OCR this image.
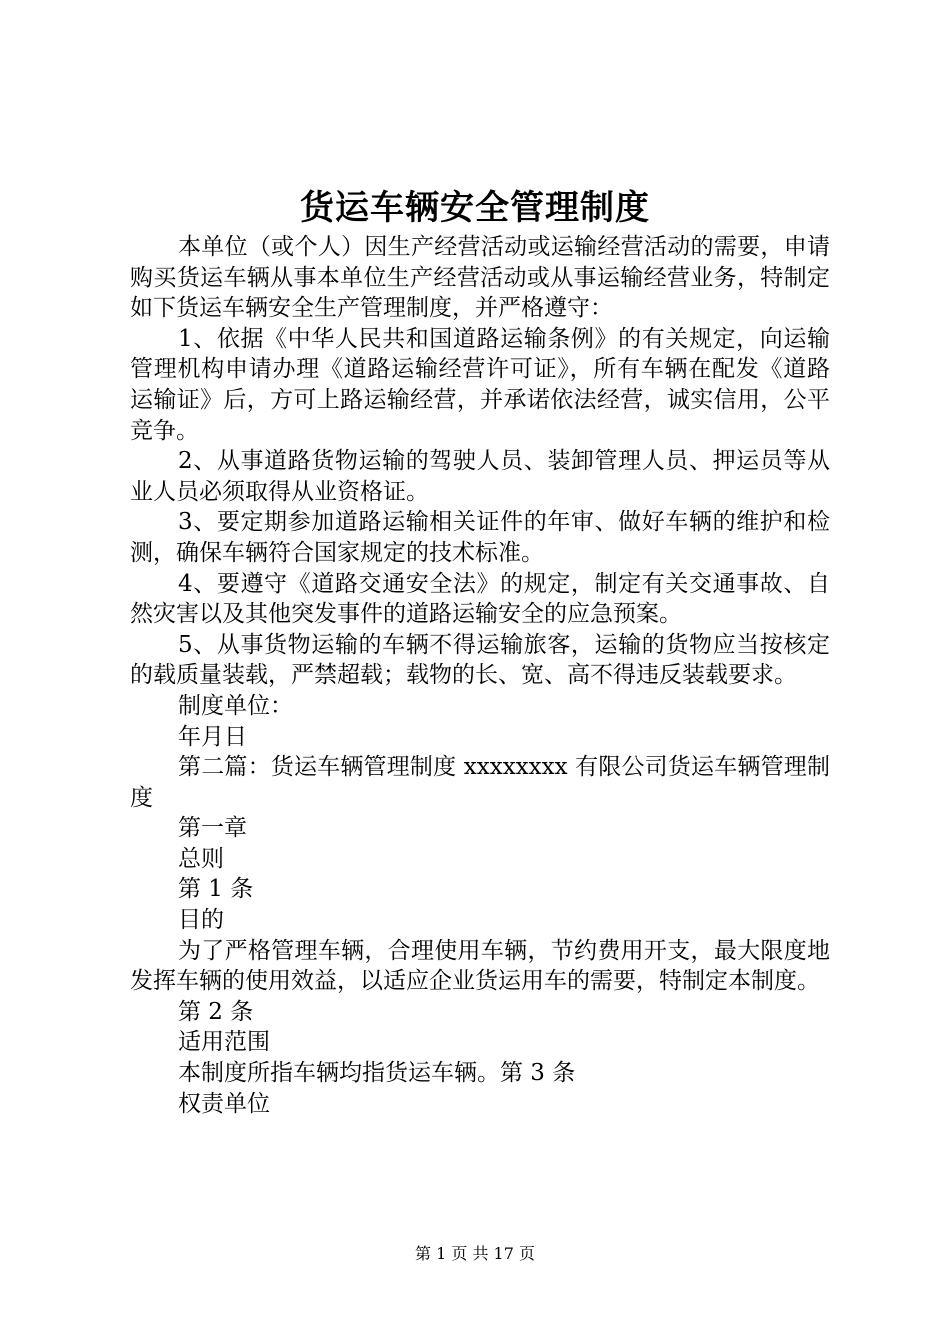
货运车辆安全管理制度

本单位（或个人）因生产经营活动或运输经营活动的需要，申请购买货运车辆从事本单位生产经营活动或从事运输经营业务，特制定如下货运车辆安全生产管理制度，并严格遵守：

1、依据《中华人民共和国道路运输条例》的有关规定，向运输管理机构申请办理《道路运输经营许可证》，所有车辆在配发《道路运输证》后，方可上路运输经营，并承诺依法经营，诚实信用，公平竞争。

2、从事道路货物运输的驾驶人员、装卸管理人员、押运员等从业人员必须取得从业资格证。

3、要定期参加道路运输相关证件的年审、做好车辆的维护和检测，确保车辆符合国家规定的技术标准。

4、要遵守《道路交通安全法》的规定，制定有关交通事故、自然灾害以及其他突发事件的道路运输安全的应急预案。

5、从事货物运输的车辆不得运输旅客，运输的货物应当按核定的载质量装载，严禁超载；载物的长、宽、高不得违反装载要求。

制度单位：

年月日

第二篇：货运车辆管理制度 xxxxxxxx 有限公司货运车辆管理制度

第一章

总则

第 1 条

目的

为了严格管理车辆，合理使用车辆，节约费用开支，最大限度地发挥车辆的使用效益，以适应企业货运用车的需要，特制定本制度。

第 2 条

适用范围

本制度所指车辆均指货运车辆。第 3 条

权责单位

第 1 页 共 17 页
